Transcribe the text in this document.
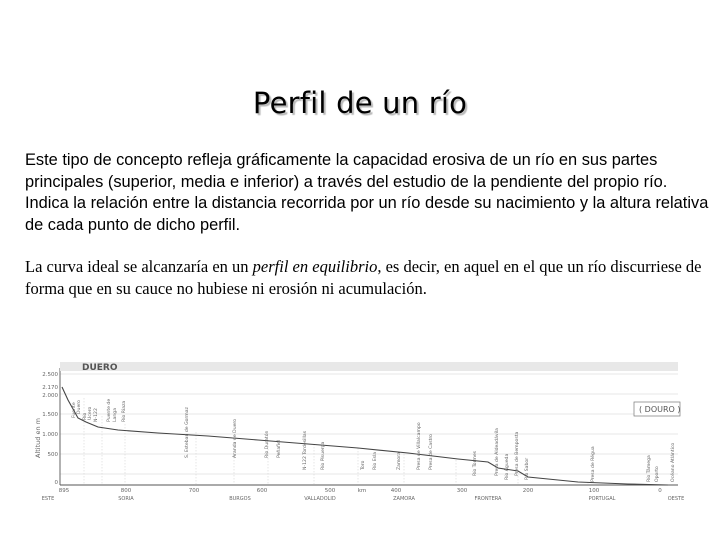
Perfil de un río

Este tipo de concepto refleja gráficamente la capacidad erosiva de un río en sus partes principales (superior, media e inferior) a través del estudio de la pendiente del propio río. Indica la relación entre la distancia recorrida por un río desde su nacimiento y la altura relativa de cada punto de dicho perfil.

La curva ideal se alcanzaría en un perfil en equilibrio, es decir, en aquel en el que un río discurriese de forma que en su cauce no hubiese ni erosión ni acumulación.

DUERO
( DOURO )
Altitud en m
2.500
2.170
2.000
1.500
1.000
500
0
Fuente Duero
Río Ucero N-122 Puente de Langa Río Riaza	S. Esteban de Gormaz	Aranda de Duero	Río Duratón Peñafiel	N-122 Tordesillas	Río Pisuerga	Río Esla
Toro	Zamora	Presa de Villalcampo Presa de Castro	Presa de Aldeadávila
Río Tormes	Río Águeda Presa de Bemposta	Río Sabor	Presa de Régua	Río Tâmega Oporto	Océano Atlántico
895	800	700	600	500	400	300	200	100	0
km
ESTE	SORIA	BURGOS	VALLADOLID	ZAMORA	FRONTERA	PORTUGAL	OESTE
